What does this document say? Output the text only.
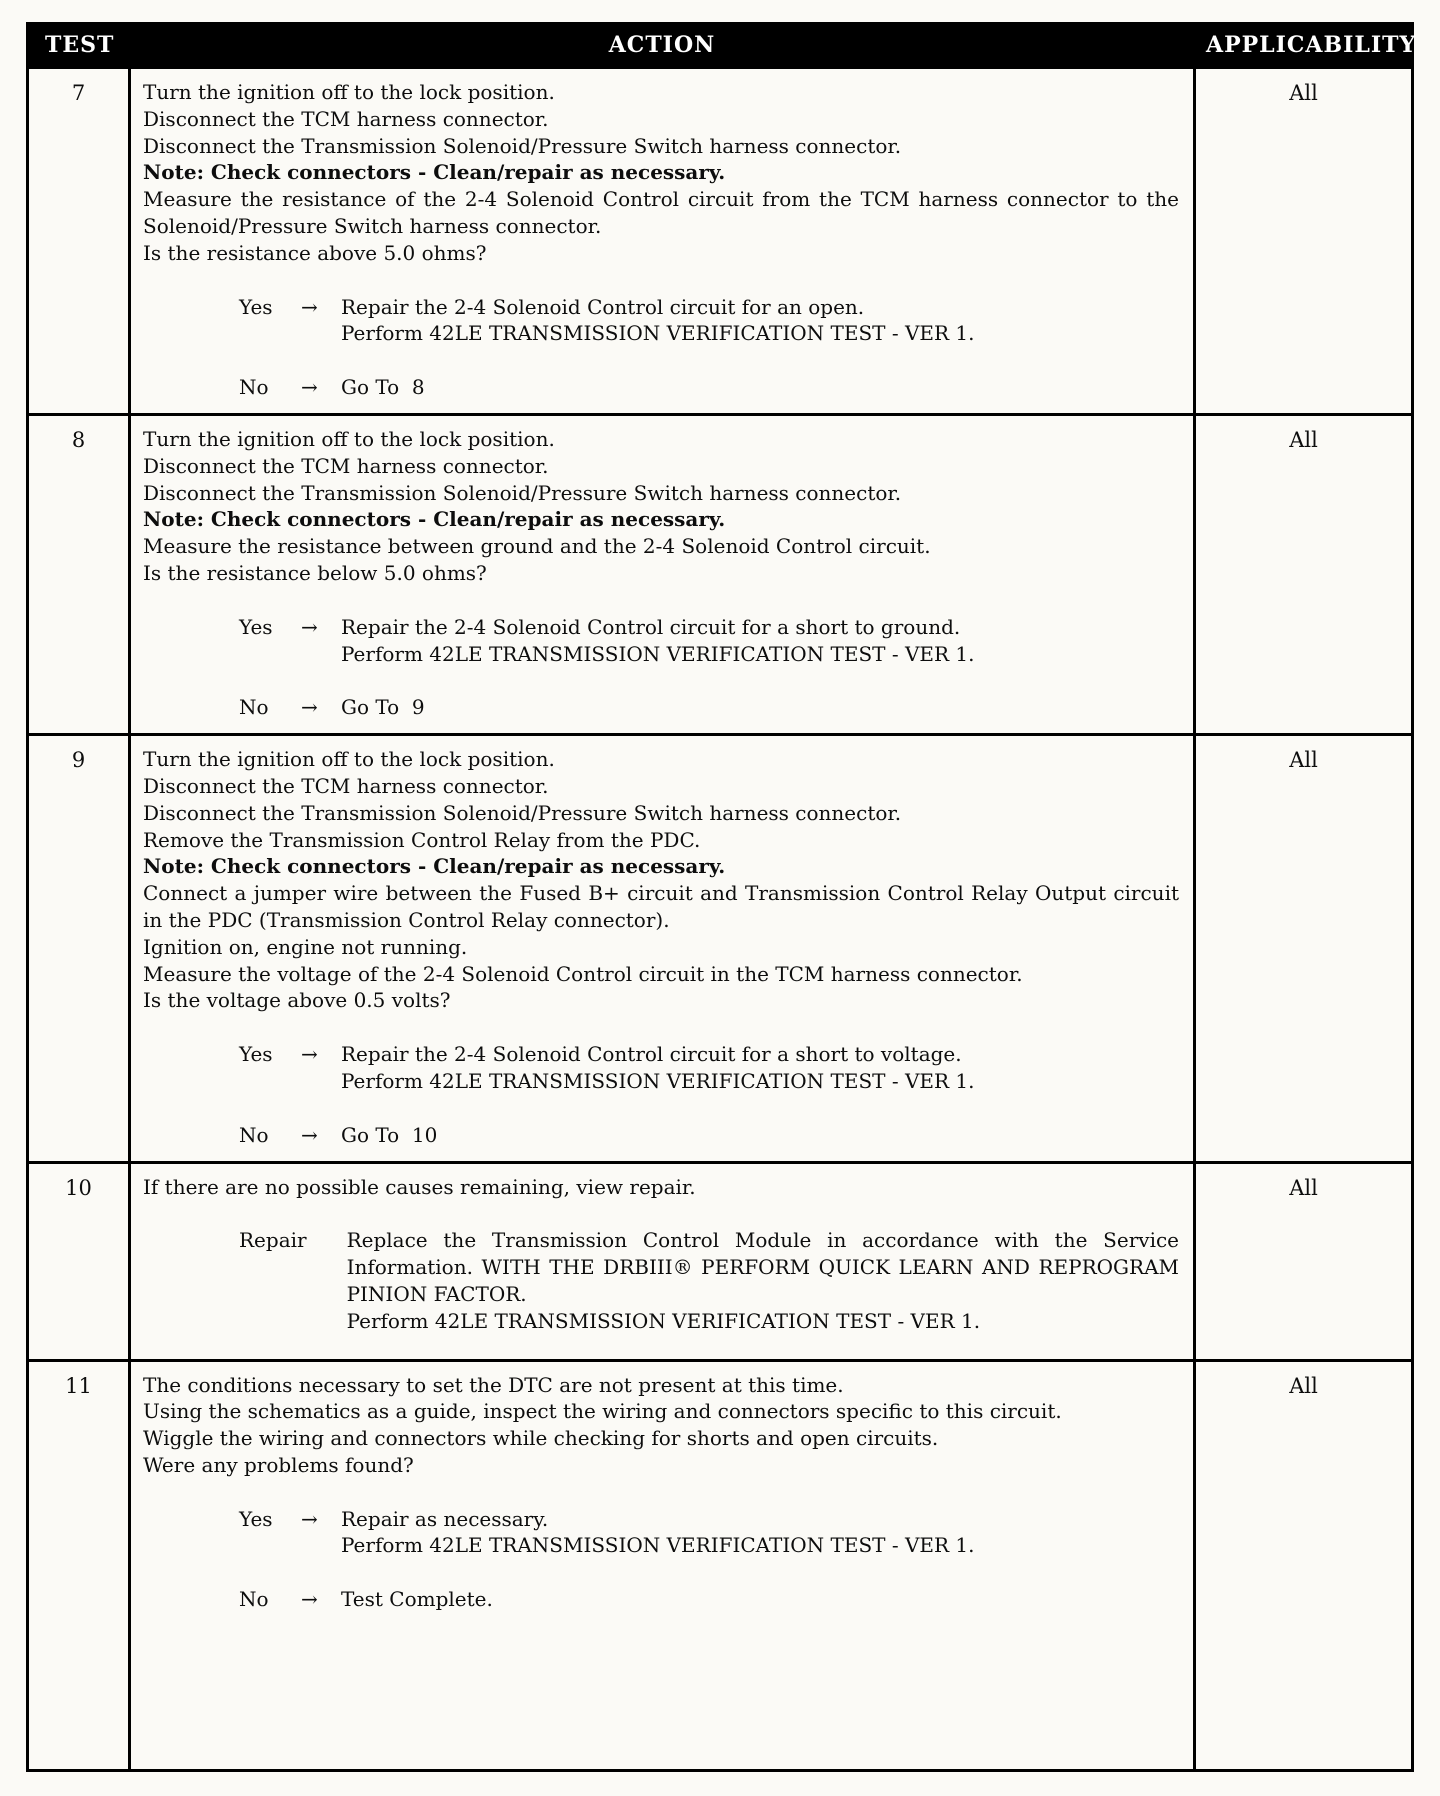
TEST	ACTION	APPLICABILITY
7	Turn the ignition off to the lock position.

Disconnect the TCM harness connector.

Disconnect the Transmission Solenoid/Pressure Switch harness connector.

Note: Check connectors - Clean/repair as necessary.

Measure the resistance of the 2-4 Solenoid Control circuit from the TCM harness connector to the Solenoid/Pressure Switch harness connector.

Is the resistance above 5.0 ohms?

Yes	→	Repair the 2-4 Solenoid Control circuit for an open.

Perform 42LE TRANSMISSION VERIFICATION TEST - VER 1.

No	→	Go To  8

	All
8	Turn the ignition off to the lock position.

Disconnect the TCM harness connector.

Disconnect the Transmission Solenoid/Pressure Switch harness connector.

Note: Check connectors - Clean/repair as necessary.

Measure the resistance between ground and the 2-4 Solenoid Control circuit.

Is the resistance below 5.0 ohms?

Yes	→	Repair the 2-4 Solenoid Control circuit for a short to ground.

Perform 42LE TRANSMISSION VERIFICATION TEST - VER 1.

No	→	Go To  9

	All
9	Turn the ignition off to the lock position.

Disconnect the TCM harness connector.

Disconnect the Transmission Solenoid/Pressure Switch harness connector.

Remove the Transmission Control Relay from the PDC.

Note: Check connectors - Clean/repair as necessary.

Connect a jumper wire between the Fused B+ circuit and Transmission Control Relay Output circuit in the PDC (Transmission Control Relay connector).

Ignition on, engine not running.

Measure the voltage of the 2-4 Solenoid Control circuit in the TCM harness connector.

Is the voltage above 0.5 volts?

Yes	→	Repair the 2-4 Solenoid Control circuit for a short to voltage.

Perform 42LE TRANSMISSION VERIFICATION TEST - VER 1.

No	→	Go To  10

	All
10	If there are no possible causes remaining, view repair.

Repair Replace the Transmission Control Module in accordance with the Service Information. WITH THE DRBIII® PERFORM QUICK LEARN AND REPROGRAM PINION FACTOR.

Perform 42LE TRANSMISSION VERIFICATION TEST - VER 1.	All
11	The conditions necessary to set the DTC are not present at this time.

Using the schematics as a guide, inspect the wiring and connectors specific to this circuit.

Wiggle the wiring and connectors while checking for shorts and open circuits.

Were any problems found?

Yes	→	Repair as necessary.

Perform 42LE TRANSMISSION VERIFICATION TEST - VER 1.

No	→	Test Complete.

	All
